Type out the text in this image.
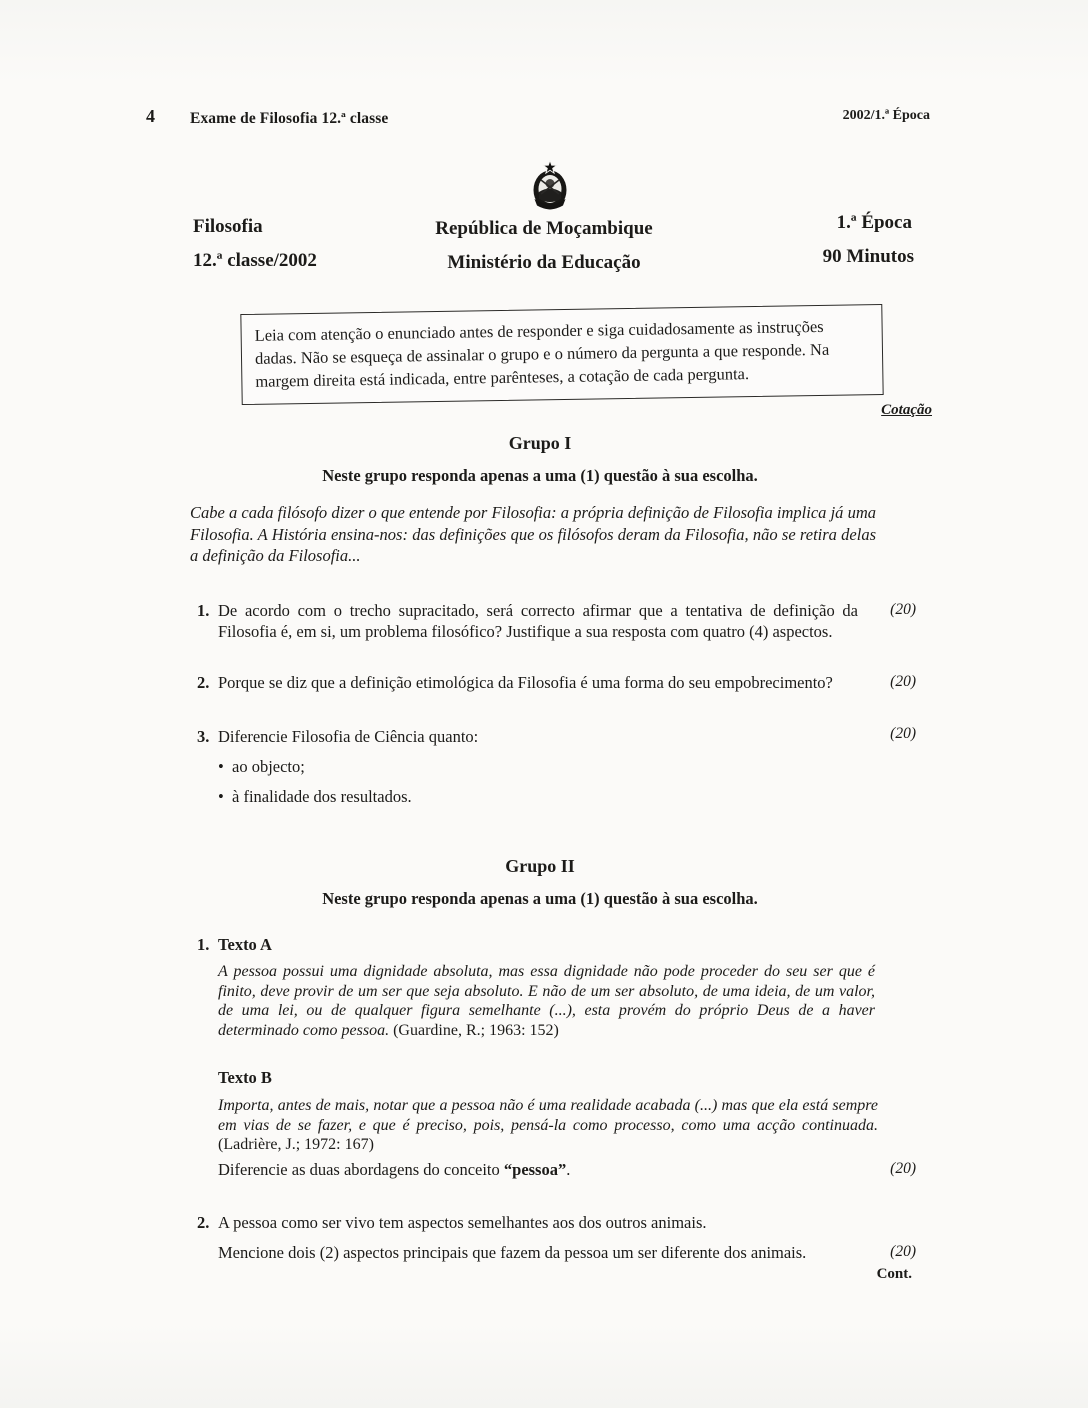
4 Exame de Filosofia 12.ª classe	2002/1.ª Época
Filosofia
12.ª classe/2002
República de Moçambique
Ministério da Educação
1.ª Época
90 Minutos
Leia com atenção o enunciado antes de responder e siga cuidadosamente as instruções dadas. Não se esqueça de assinalar o grupo e o número da pergunta a que responde. Na margem direita está indicada, entre parênteses, a cotação de cada pergunta.
Cotação
Grupo I
Neste grupo responda apenas a uma (1) questão à sua escolha.
Cabe a cada filósofo dizer o que entende por Filosofia: a própria definição de Filosofia implica já uma Filosofia. A História ensina-nos: das definições que os filósofos deram da Filosofia, não se retira delas a definição da Filosofia...
1. De acordo com o trecho supracitado, será correcto afirmar que a tentativa de definição da Filosofia é, em si, um problema filosófico? Justifique a sua resposta com quatro (4) aspectos.
(20)
2. Porque se diz que a definição etimológica da Filosofia é uma forma do seu empobrecimento?	(20)
3. Diferencie Filosofia de Ciência quanto:	(20)
• ao objecto;
• à finalidade dos resultados.
Grupo II
Neste grupo responda apenas a uma (1) questão à sua escolha.
1. Texto A
A pessoa possui uma dignidade absoluta, mas essa dignidade não pode proceder do seu ser que é finito, deve provir de um ser que seja absoluto. E não de um ser absoluto, de uma ideia, de um valor, de uma lei, ou de qualquer figura semelhante (...), esta provém do próprio Deus de a haver determinado como pessoa. (Guardine, R.; 1963: 152)
Texto B
Importa, antes de mais, notar que a pessoa não é uma realidade acabada (...) mas que ela está sempre em vias de se fazer, e que é preciso, pois, pensá-la como processo, como uma acção continuada. (Ladrière, J.; 1972: 167)
Diferencie as duas abordagens do conceito “pessoa”.	(20)
2. A pessoa como ser vivo tem aspectos semelhantes aos dos outros animais.
Mencione dois (2) aspectos principais que fazem da pessoa um ser diferente dos animais.	(20)
Cont.
